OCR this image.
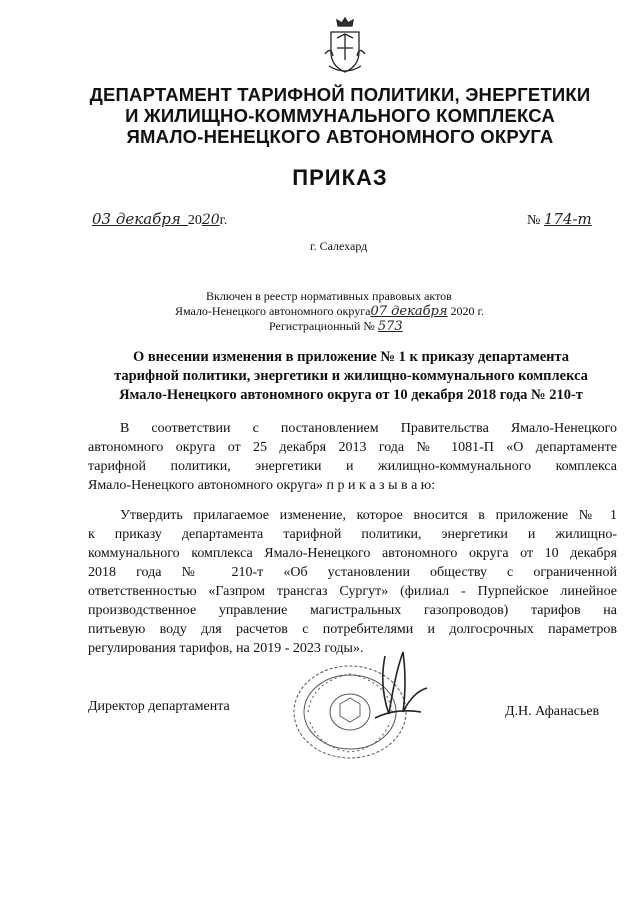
ДЕПАРТАМЕНТ ТАРИФНОЙ ПОЛИТИКИ, ЭНЕРГЕТИКИ
И ЖИЛИЩНО-КОММУНАЛЬНОГО КОМПЛЕКСА
ЯМАЛО-НЕНЕЦКОГО АВТОНОМНОГО ОКРУГА
ПРИКАЗ
03 декабря 2020г.	№ 174-т
г. Салехард
Включен в реестр нормативных правовых актов
Ямало-Ненецкого автономного округа07 декабря 2020 г.
Регистрационный № 573
О внесении изменения в приложение № 1 к приказу департамента
тарифной политики, энергетики и жилищно-коммунального комплекса
Ямало-Ненецкого автономного округа от 10 декабря 2018 года № 210-т
В соответствии с постановлением Правительства Ямало-Ненецкого
автономного округа от 25 декабря 2013 года № 1081-П «О департаменте
тарифной политики, энергетики и жилищно-коммунального комплекса
Ямало-Ненецкого автономного округа» п р и к а з ы в а ю:
Утвердить прилагаемое изменение, которое вносится в приложение № 1
к приказу департамента тарифной политики, энергетики и жилищно-
коммунального комплекса Ямало-Ненецкого автономного округа от 10 декабря
2018 года № 210-т «Об установлении обществу с ограниченной
ответственностью «Газпром трансгаз Сургут» (филиал - Пурпейское линейное
производственное управление магистральных газопроводов) тарифов на
питьевую воду для расчетов с потребителями и долгосрочных параметров
регулирования тарифов, на 2019 - 2023 годы».
Директор департамента	Д.Н. Афанасьев
